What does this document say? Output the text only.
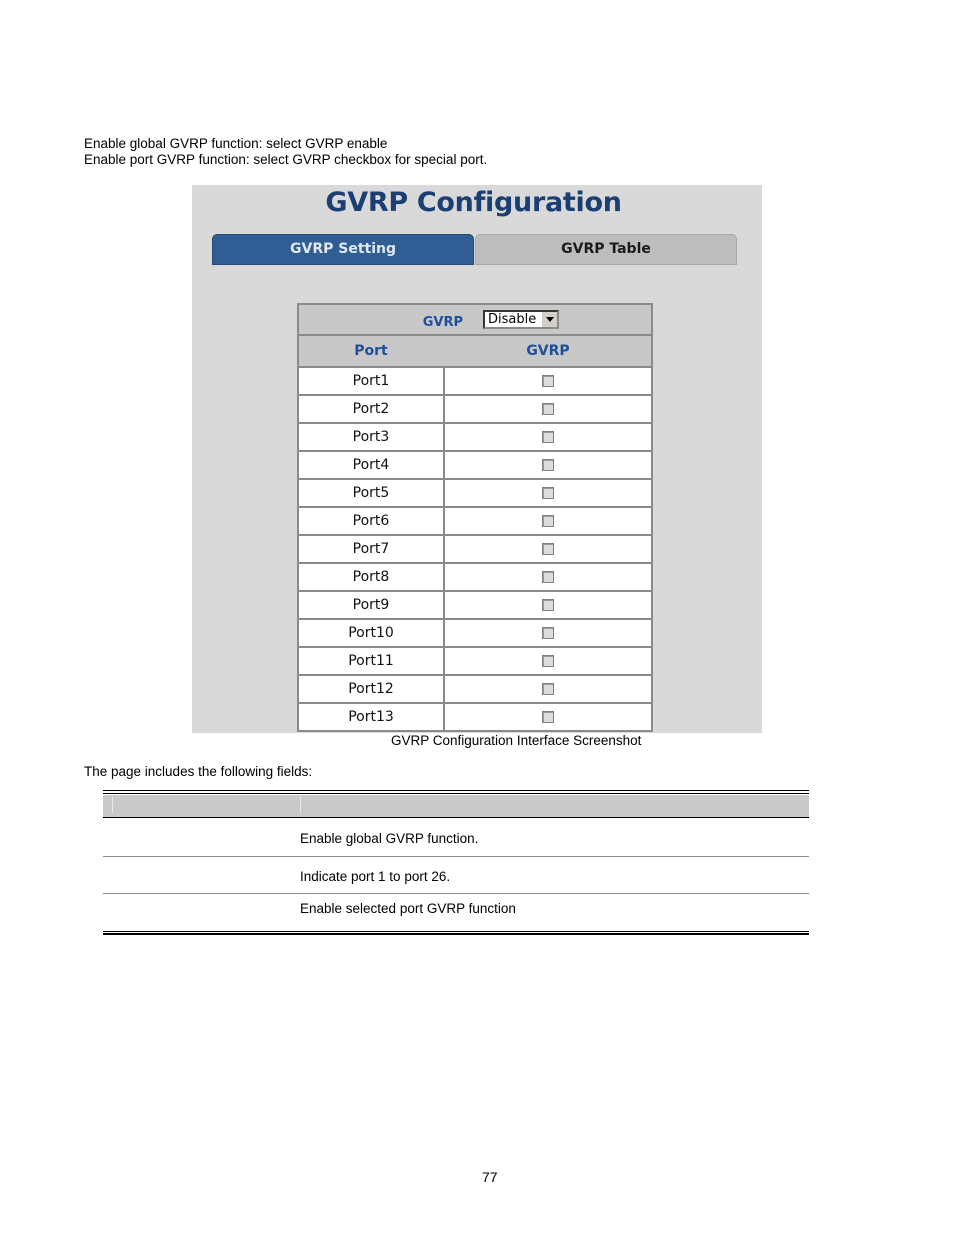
Enable global GVRP function: select GVRP enable
Enable port GVRP function: select GVRP checkbox for special port.
GVRP Configuration
GVRP Setting	GVRP Table
GVRP	Disable
Port	GVRP
Port1
Port2
Port3
Port4
Port5
Port6
Port7
Port8
Port9
Port10
Port11
Port12
Port13
GVRP Configuration Interface Screenshot
The page includes the following fields:
Enable global GVRP function.
Indicate port 1 to port 26.
Enable selected port GVRP function
77
